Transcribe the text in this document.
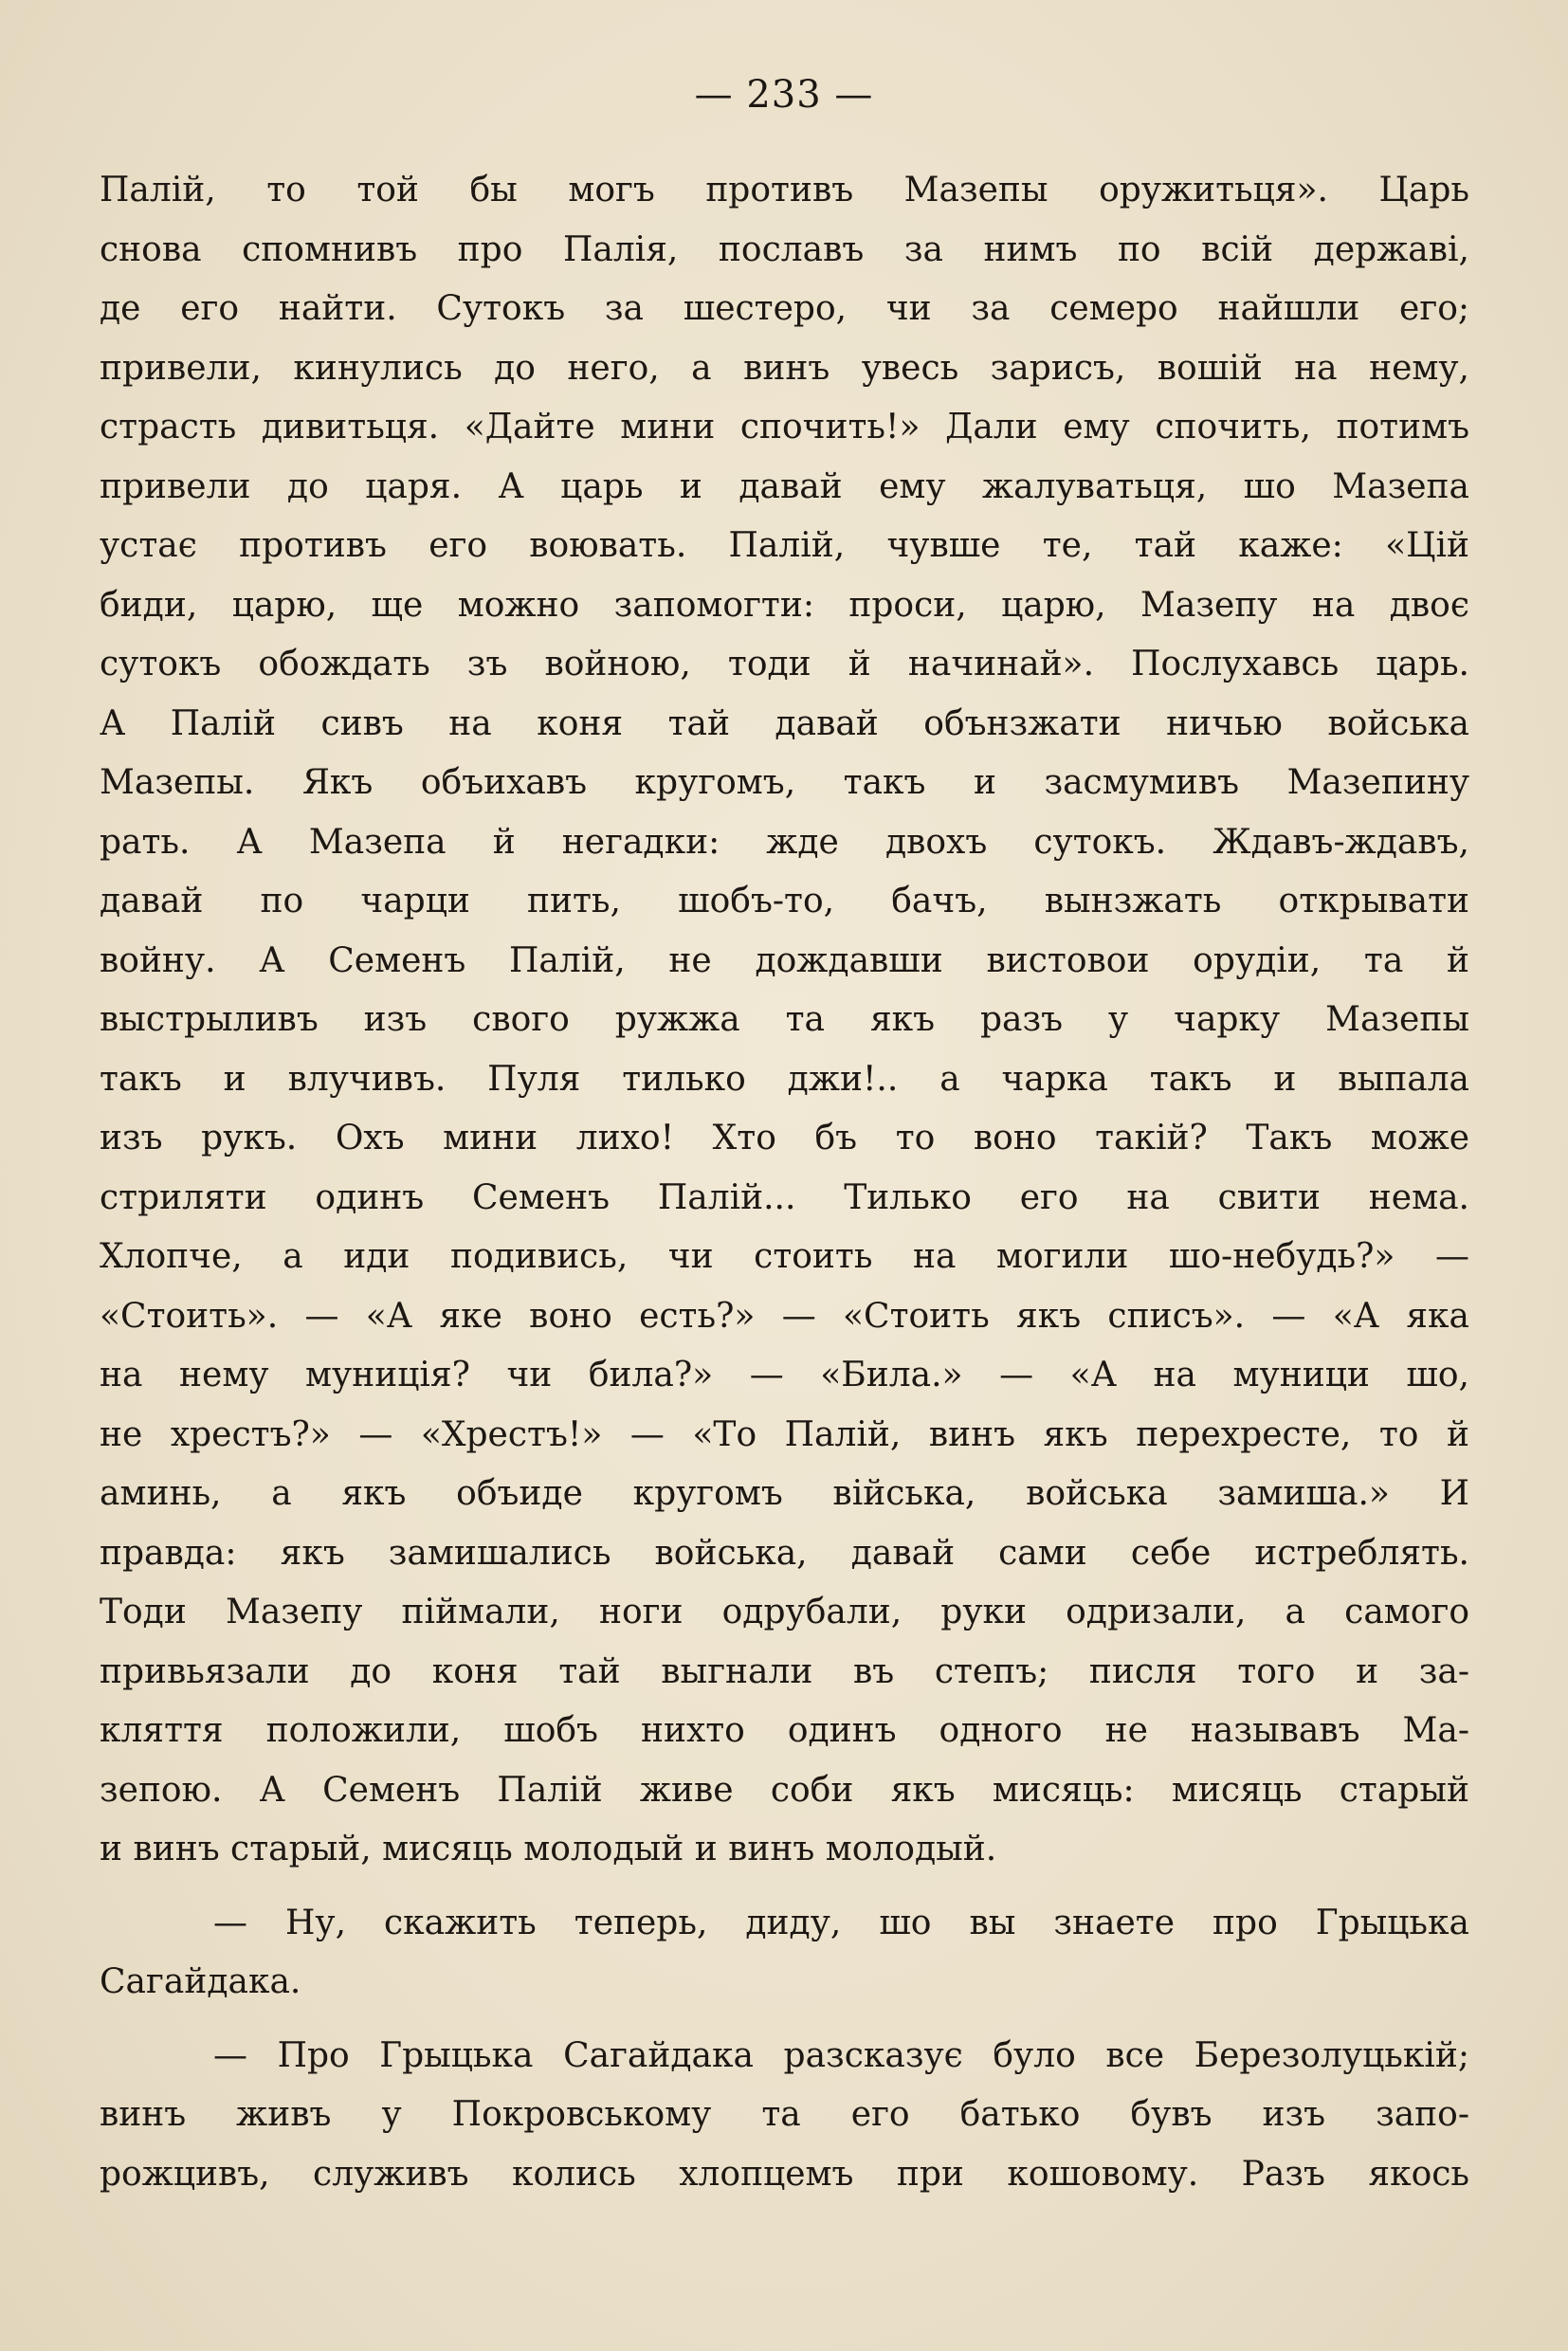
— 233 —
Палій, то той бы могъ противъ Мазепы оружитьця». Царь
снова спомнивъ про Палія, пославъ за нимъ по всій державі,
де его найти. Сутокъ за шестеро, чи за семеро найшли его;
привели, кинулись до него, а винъ увесь зарисъ, вошій на нему,
страсть дивитьця. «Дайте мини спочить!» Дали ему спочить, потимъ
привели до царя. А царь и давай ему жалуватьця, шо Мазепа
устає противъ его воювать. Палій, чувше те, тай каже: «Цій
биди, царю, ще можно запомогти: проси, царю, Мазепу на двоє
сутокъ обождать зъ войною, тоди й начинай». Послухавсь царь.
А Палій сивъ на коня тай давай обънзжати ничью войська
Мазепы. Якъ объихавъ кругомъ, такъ и засмумивъ Мазепину
рать. А Мазепа й негадки: жде двохъ сутокъ. Ждавъ-ждавъ,
давай по чарци пить, шобъ-то, бачъ, вынзжать открывати
войну. А Семенъ Палій, не дождавши вистовои орудіи, та й
выстрыливъ изъ свого ружжа та якъ разъ у чарку Мазепы
такъ и влучивъ. Пуля тилько джи!.. а чарка такъ и выпала
изъ рукъ. Охъ мини лихо! Хто бъ то воно такій? Такъ може
стриляти одинъ Семенъ Палій... Тилько его на свити нема.
Хлопче, а иди подивись, чи стоить на могили шо-небудь?» —
«Стоить». — «А яке воно есть?» — «Стоить якъ списъ». — «А яка
на нему муниція? чи била?» — «Била.» — «А на муници шо,
не хрестъ?» — «Хрестъ!» — «То Палій, винъ якъ перехресте, то й
аминь, а якъ объиде кругомъ війська, войська замиша.» И
правда: якъ замишались войська, давай сами себе истреблять.
Тоди Мазепу піймали, ноги одрубали, руки одризали, а самого
привьязали до коня тай выгнали въ степъ; писля того и за-
кляття положили, шобъ нихто одинъ одного не называвъ Ма-
зепою. А Семенъ Палій живе соби якъ мисяць: мисяць старый
и винъ старый, мисяць молодый и винъ молодый.
— Ну, скажить теперь, диду, шо вы знаете про Грыцька
Сагайдака.
— Про Грыцька Сагайдака разсказує було все Березолуцькій;
винъ живъ у Покровському та его батько бувъ изъ запо-
рожцивъ, служивъ колись хлопцемъ при кошовому. Разъ якось
